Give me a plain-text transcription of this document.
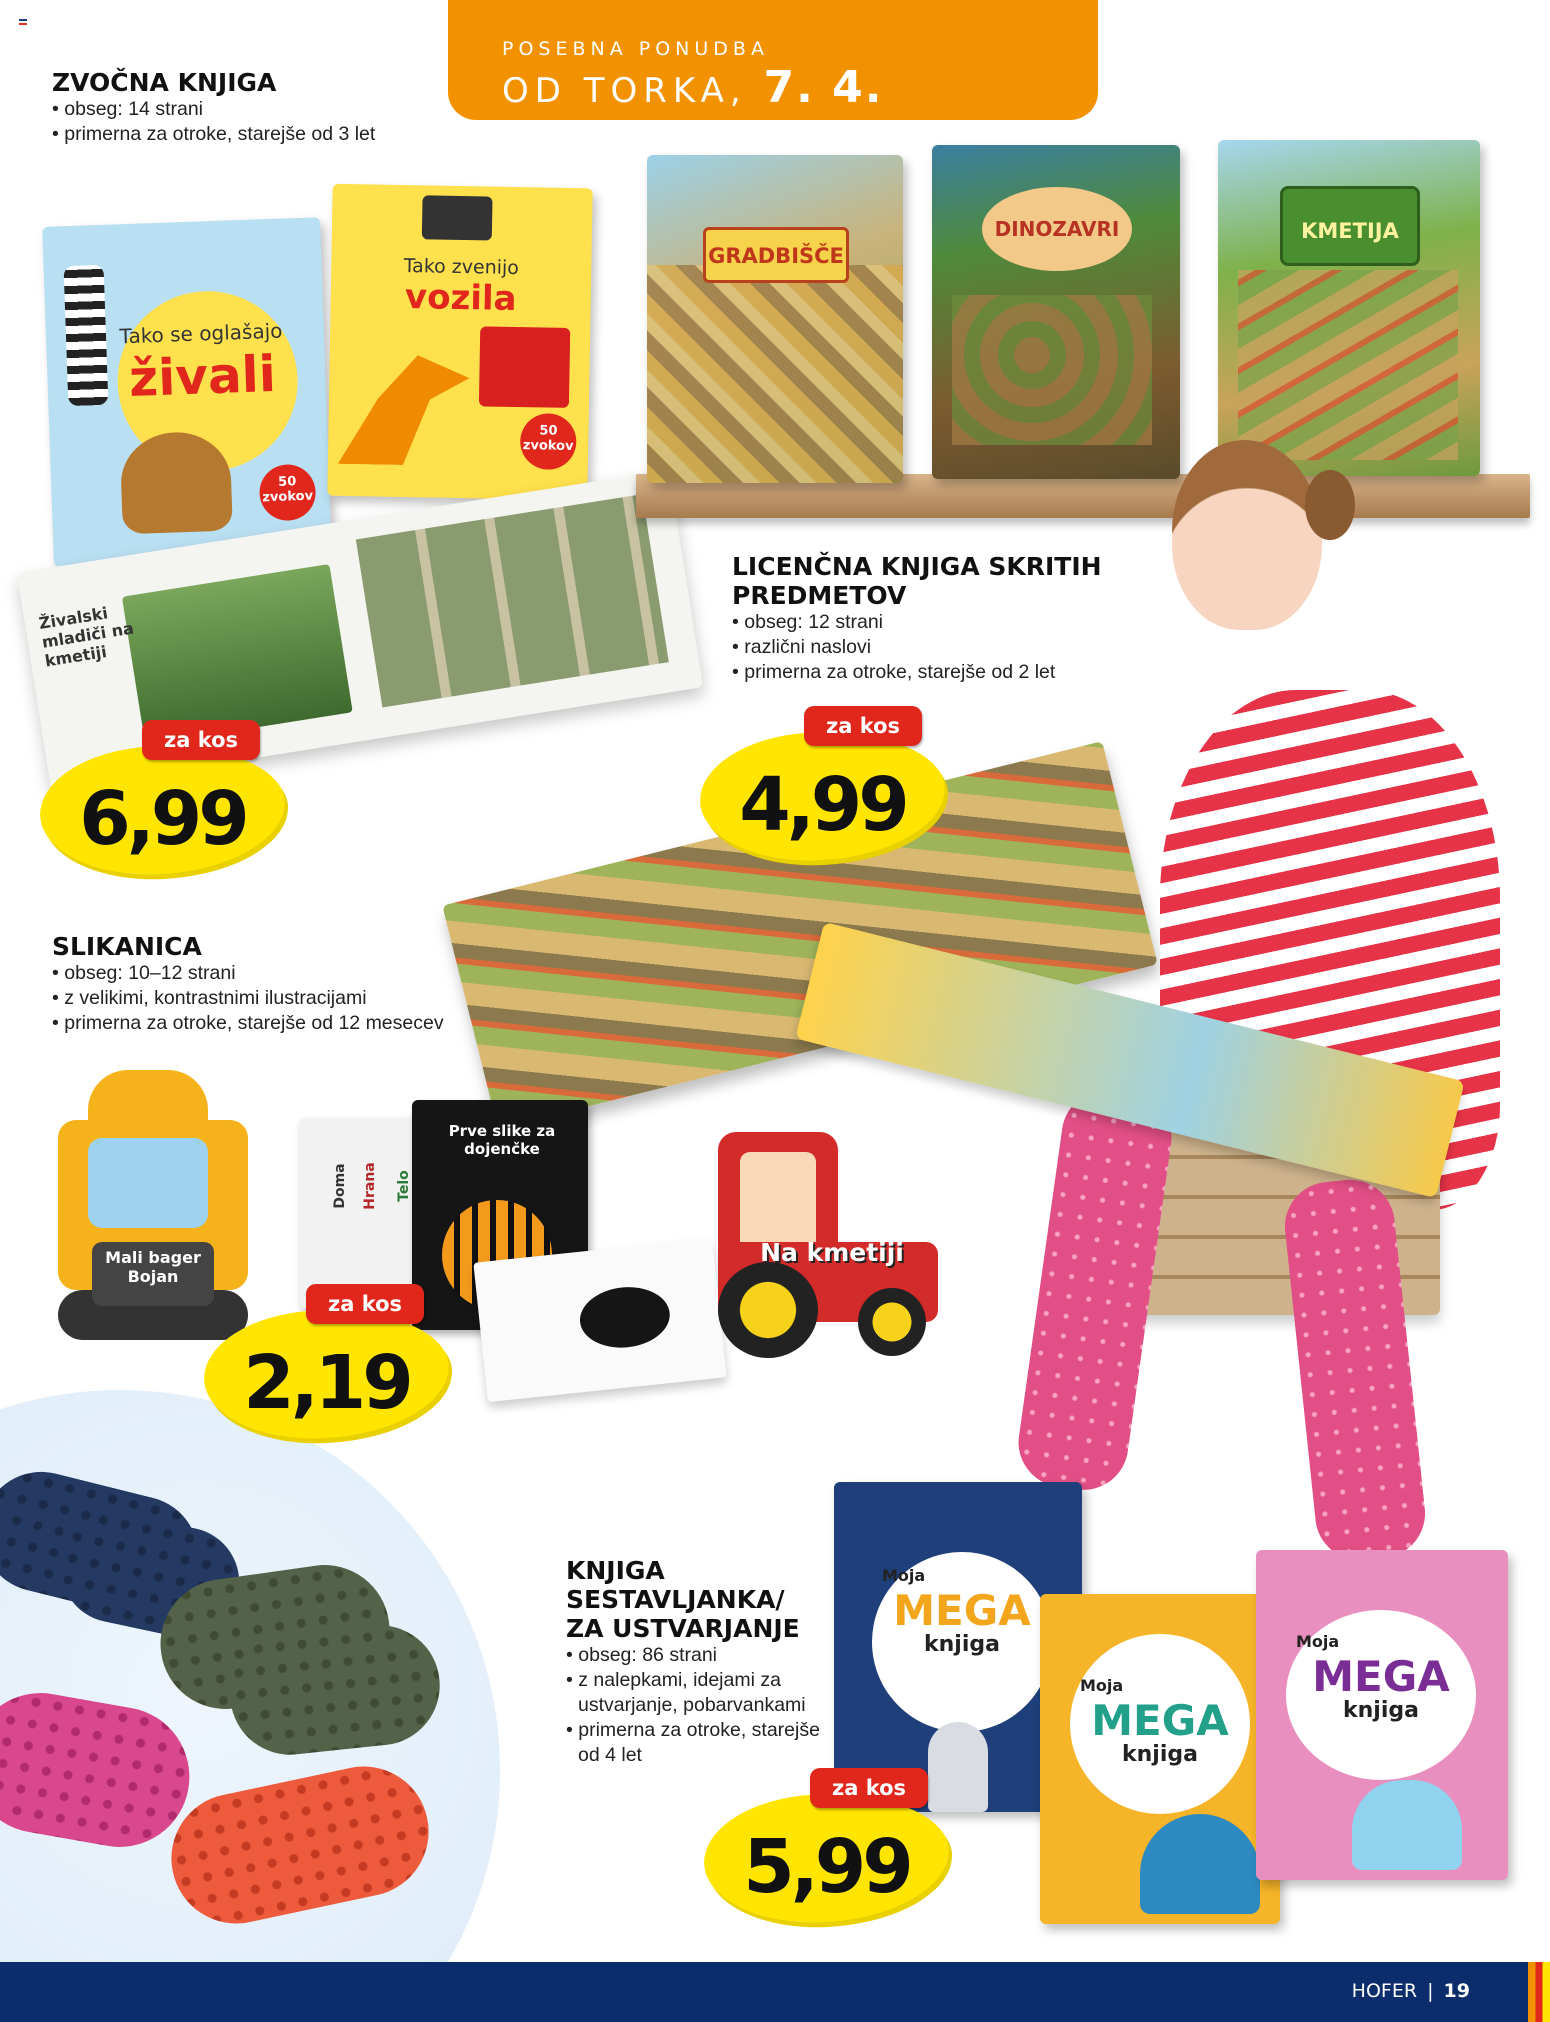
POSEBNA PONUDBA
OD TORKA, 7. 4.
ZVOČNA KNJIGA
• obseg: 14 strani
• primerna za otroke, starejše od 3 let
Tako se oglašajo
živali
50 zvokov
Tako zvenijo
vozila
50 zvokov
Živalski mladiči na kmetiji
za kos
6,99
GRADBIŠČE
DINOZAVRI	KMETIJA
LICENČNA KNJIGA SKRITIH
PREDMETOV
• obseg: 12 strani
• različni naslovi
• primerna za otroke, starejše od 2 let
za kos
4,99
SLIKANICA
• obseg: 10–12 strani
• z velikimi, kontrastnimi ilustracijami
• primerna za otroke, starejše od 12 mesecev
Mali bager Bojan
Doma Hrana Telo
Prve slike za dojenčke
Na kmetiji
za kos
2,19
KNJIGA
SESTAVLJANKA/
ZA USTVARJANJE
• obseg: 86 strani
• z nalepkami, idejami za ustvarjanje, pobarvankami
• primerna za otroke, starejše od 4 let
Moja
MEGA
knjiga
Moja
MEGA
knjiga
Moja
MEGA
knjiga
za kos
5,99
HOFER | 19
